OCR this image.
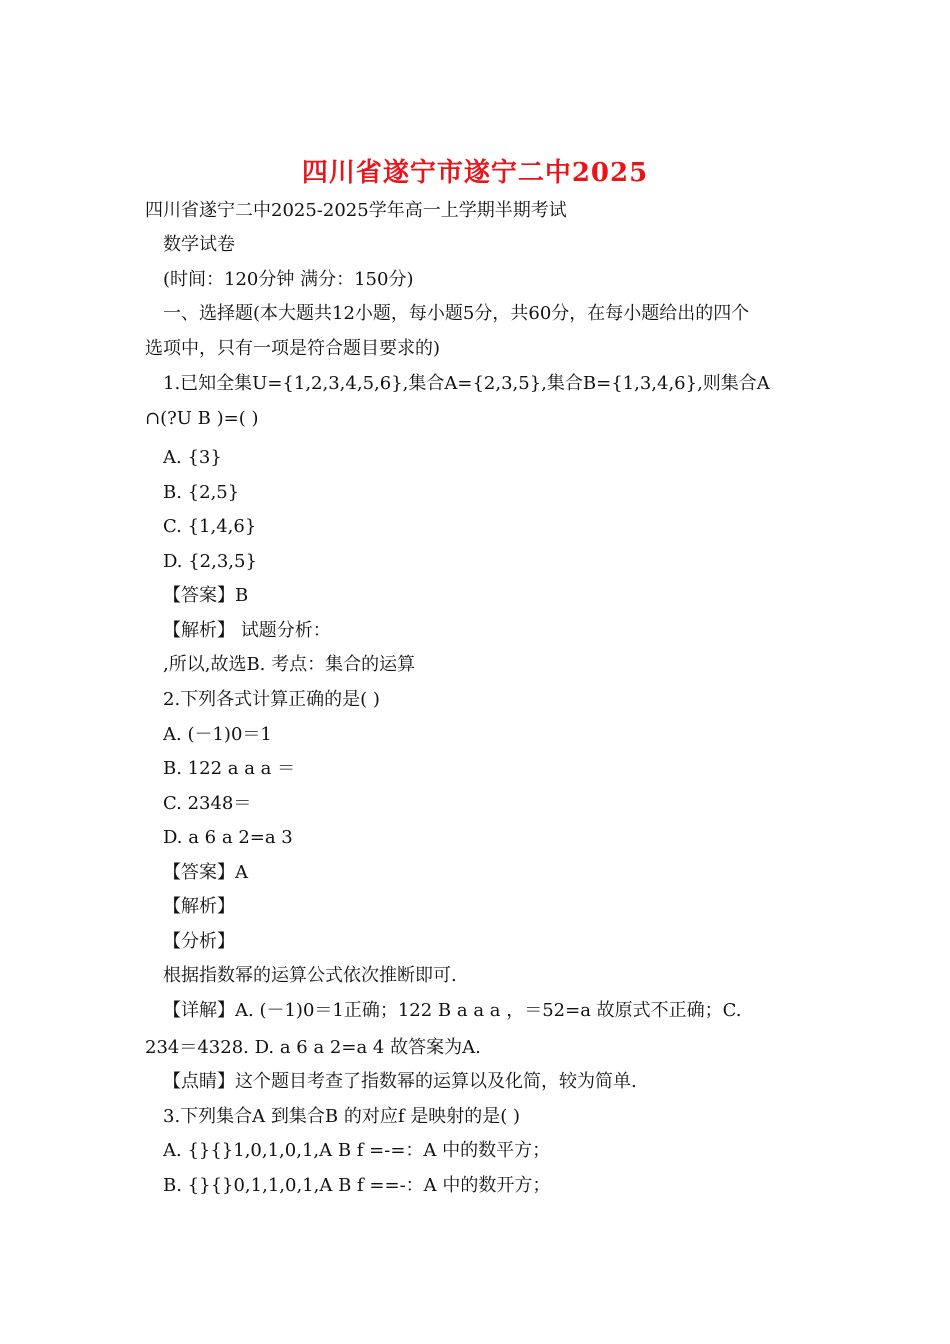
四川省遂宁市遂宁二中2025
四川省遂宁二中2025-2025学年高一上学期半期考试
数学试卷
(时间：120分钟 满分：150分)
一、选择题(本大题共12小题，每小题5分，共60分，在每小题给出的四个
选项中，只有一项是符合题目要求的)
1.已知全集U={1,2,3,4,5,6},集合A={2,3,5},集合B={1,3,4,6},则集合A
∩(?U B )=( )
A. {3}
B. {2,5}
C. {1,4,6}
D. {2,3,5}
【答案】B
【解析】 试题分析：
,所以,故选B. 考点：集合的运算
2.下列各式计算正确的是( )
A. (－1)0＝1
B. 122 a a a ＝
C. 2348＝
D. a 6 a 2=a 3
【答案】A
【解析】
【分析】
根据指数幂的运算公式依次推断即可.
【详解】A. (－1)0＝1正确；122 B a a a ，＝52=a 故原式不正确；C.
234＝4328. D. a 6 a 2=a 4 故答案为A.
【点睛】这个题目考查了指数幂的运算以及化简，较为简单.
3.下列集合A 到集合B 的对应f 是映射的是( )
A. {}{}1,0,1,0,1,A B f =-=：A 中的数平方；
B. {}{}0,1,1,0,1,A B f ==-：A 中的数开方；
